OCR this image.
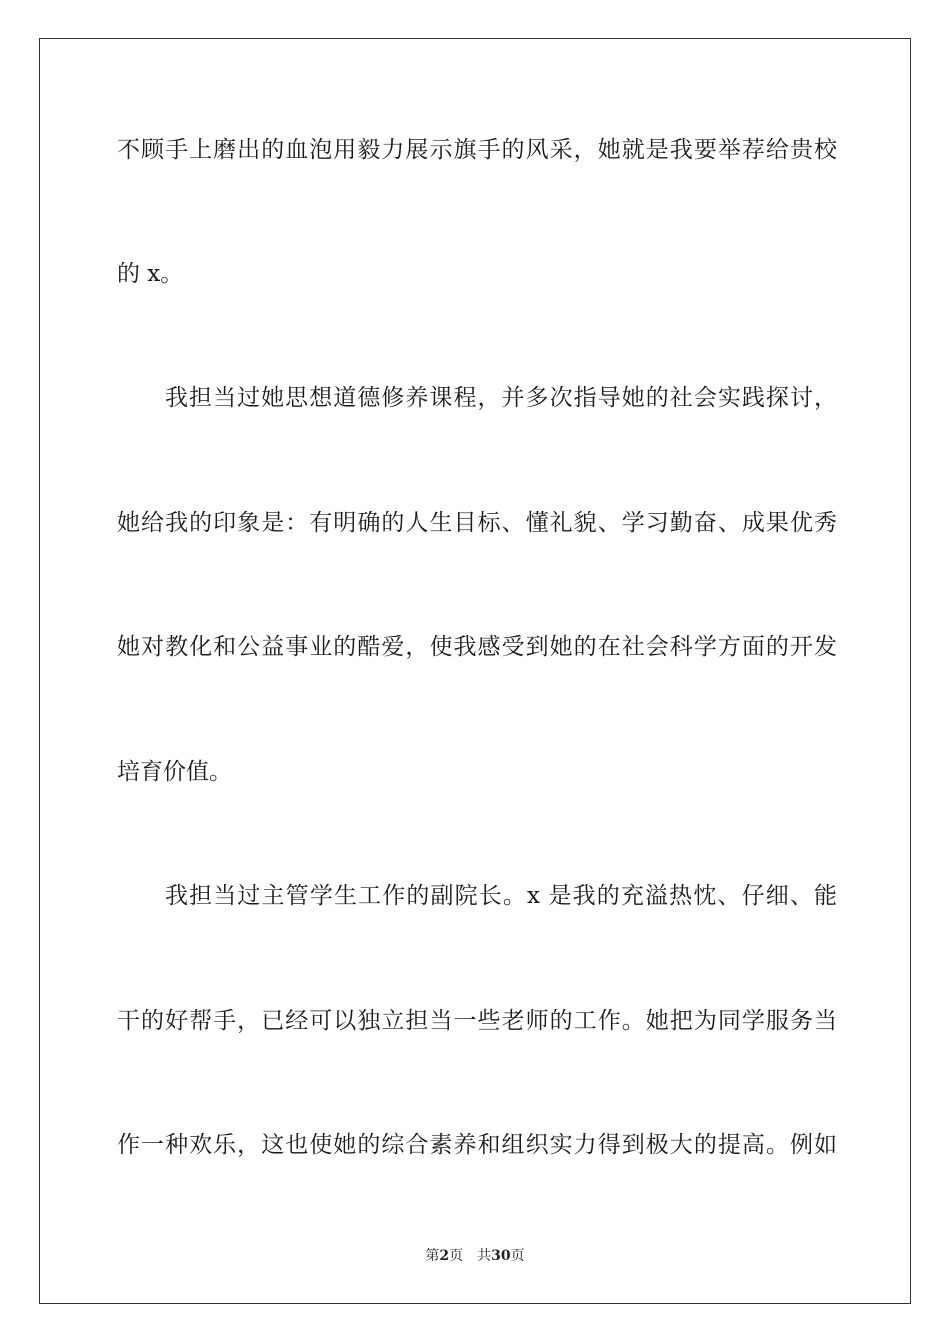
不顾手上磨出的血泡用毅力展示旗手的风采，她就是我要举荐给贵校
的 x。
我担当过她思想道德修养课程，并多次指导她的社会实践探讨，
她给我的印象是：有明确的人生目标、懂礼貌、学习勤奋、成果优秀
她对教化和公益事业的酷爱，使我感受到她的在社会科学方面的开发
培育价值。
我担当过主管学生工作的副院长。x 是我的充溢热忱、仔细、能
干的好帮手，已经可以独立担当一些老师的工作。她把为同学服务当
作一种欢乐，这也使她的综合素养和组织实力得到极大的提高。例如
第2页 共30页
